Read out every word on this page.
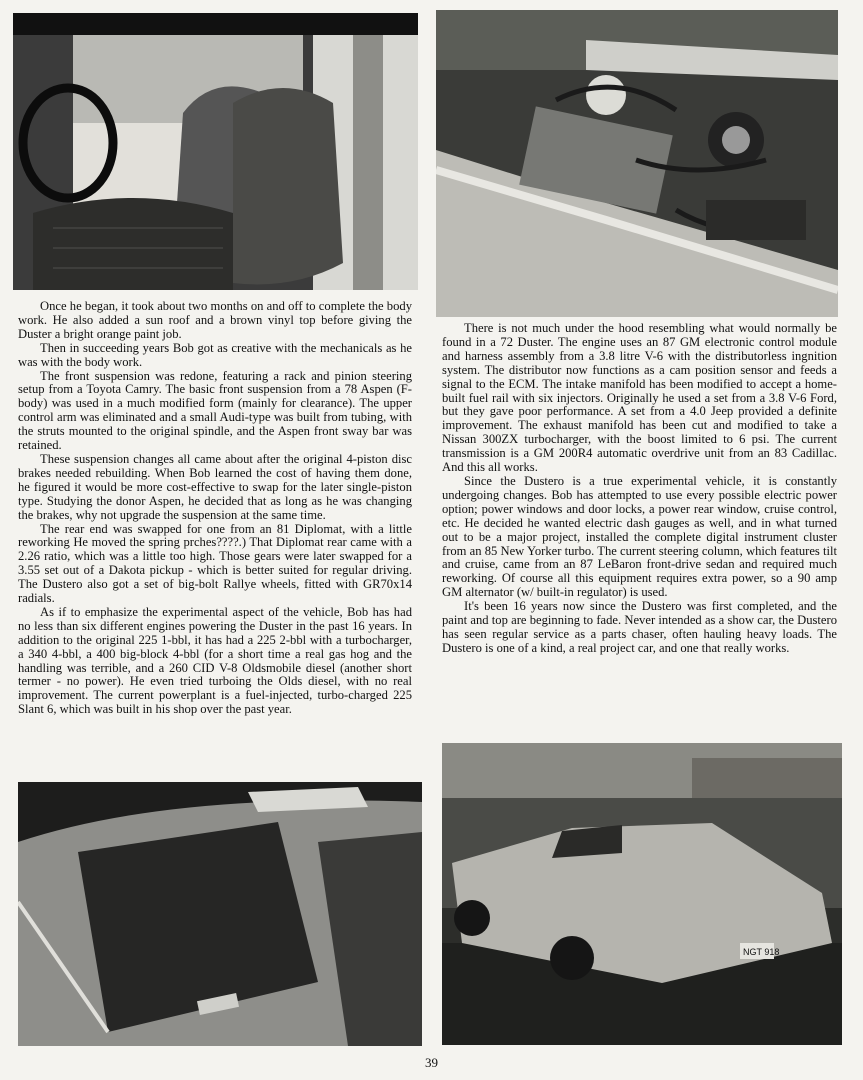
Once he began, it took about two months on and off to complete the body work. He also added a sun roof and a brown vinyl top before giving the Duster a bright orange paint job.

Then in succeeding years Bob got as creative with the mechanicals as he was with the body work.

The front suspension was redone, featuring a rack and pinion steering setup from a Toyota Camry. The basic front suspension from a 78 Aspen (F-body) was used in a much modified form (mainly for clearance). The upper control arm was eliminated and a small Audi-type was built from tubing, with the struts mounted to the original spindle, and the Aspen front sway bar was retained.

These suspension changes all came about after the original 4-piston disc brakes needed rebuilding. When Bob learned the cost of having them done, he figured it would be more cost-effective to swap for the later single-piston type. Studying the donor Aspen, he decided that as long as he was changing the brakes, why not upgrade the suspension at the same time.

The rear end was swapped for one from an 81 Diplomat, with a little reworking He moved the spring prches????.) That Diplomat rear came with a 2.26 ratio, which was a little too high. Those gears were later swapped for a 3.55 set out of a Dakota pickup - which is better suited for regular driving. The Dustero also got a set of big-bolt Rallye wheels, fitted with GR70x14 radials.

As if to emphasize the experimental aspect of the vehicle, Bob has had no less than six different engines powering the Duster in the past 16 years. In addition to the original 225 1-bbl, it has had a 225 2-bbl with a turbocharger, a 340 4-bbl, a 400 big-block 4-bbl (for a short time a real gas hog and the handling was terrible, and a 260 CID V-8 Oldsmobile diesel (another short termer - no power). He even tried turboing the Olds diesel, with no real improvement. The current powerplant is a fuel-injected, turbo-charged 225 Slant 6, which was built in his shop over the past year.

There is not much under the hood resembling what would normally be found in a 72 Duster. The engine uses an 87 GM electronic control module and harness assembly from a 3.8 litre V-6 with the distributorless ingnition system. The distributor now functions as a cam position sensor and feeds a signal to the ECM. The intake manifold has been modified to accept a home-built fuel rail with six injectors. Originally he used a set from a 3.8 V-6 Ford, but they gave poor performance. A set from a 4.0 Jeep provided a definite improvement. The exhaust manifold has been cut and modified to take a Nissan 300ZX turbocharger, with the boost limited to 6 psi. The current transmission is a GM 200R4 automatic overdrive unit from an 83 Cadillac. And this all works.

Since the Dustero is a true experimental vehicle, it is constantly undergoing changes. Bob has attempted to use every possible electric power option; power windows and door locks, a power rear window, cruise control, etc. He decided he wanted electric dash gauges as well, and in what turned out to be a major project, installed the complete digital instrument cluster from an 85 New Yorker turbo. The current steering column, which features tilt and cruise, came from an 87 LeBaron front-drive sedan and required much reworking. Of course all this equipment requires extra power, so a 90 amp GM alternator (w/ built-in regulator) is used.

It's been 16 years now since the Dustero was first completed, and the paint and top are beginning to fade. Never intended as a show car, the Dustero has seen regular service as a parts chaser, often hauling heavy loads. The Dustero is one of a kind, a real project car, and one that really works.

NGT 918
39
